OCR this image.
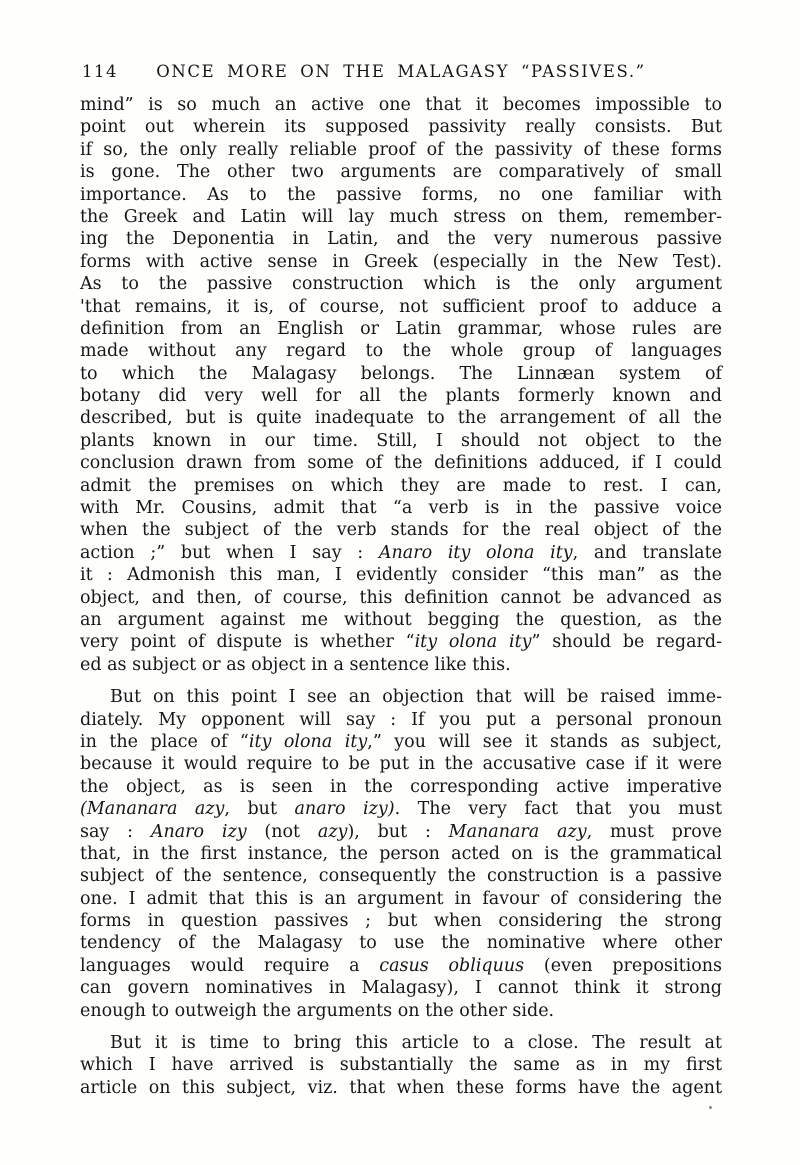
114	ONCE MORE ON THE MALAGASY “PASSIVES.”
mind” is so much an active one that it becomes impossible to
point out wherein its supposed passivity really consists. But
if so, the only really reliable proof of the passivity of these forms
is gone. The other two arguments are comparatively of small
importance. As to the passive forms, no one familiar with
the Greek and Latin will lay much stress on them, remember-
ing the Deponentia in Latin, and the very numerous passive
forms with active sense in Greek (especially in the New Test).
As to the passive construction which is the only argument
'that remains, it is, of course, not sufficient proof to adduce a
definition from an English or Latin grammar, whose rules are
made without any regard to the whole group of languages
to which the Malagasy belongs. The Linnæan system of
botany did very well for all the plants formerly known and
described, but is quite inadequate to the arrangement of all the
plants known in our time. Still, I should not object to the
conclusion drawn from some of the definitions adduced, if I could
admit the premises on which they are made to rest. I can,
with Mr. Cousins, admit that “a verb is in the passive voice
when the subject of the verb stands for the real object of the
action ;” but when I say : Anaro ity olona ity, and translate
it : Admonish this man, I evidently consider “this man” as the
object, and then, of course, this definition cannot be advanced as
an argument against me without begging the question, as the
very point of dispute is whether “ity olona ity” should be regard-
ed as subject or as object in a sentence like this.
But on this point I see an objection that will be raised imme-
diately. My opponent will say : If you put a personal pronoun
in the place of “ity olona ity,” you will see it stands as subject,
because it would require to be put in the accusative case if it were
the object, as is seen in the corresponding active imperative
(Mananara azy, but anaro izy). The very fact that you must
say : Anaro izy (not azy), but : Mananara azy, must prove
that, in the first instance, the person acted on is the grammatical
subject of the sentence, consequently the construction is a passive
one. I admit that this is an argument in favour of considering the
forms in question passives ; but when considering the strong
tendency of the Malagasy to use the nominative where other
languages would require a casus obliquus (even prepositions
can govern nominatives in Malagasy), I cannot think it strong
enough to outweigh the arguments on the other side.
But it is time to bring this article to a close. The result at
which I have arrived is substantially the same as in my first
article on this subject, viz. that when these forms have the agent
